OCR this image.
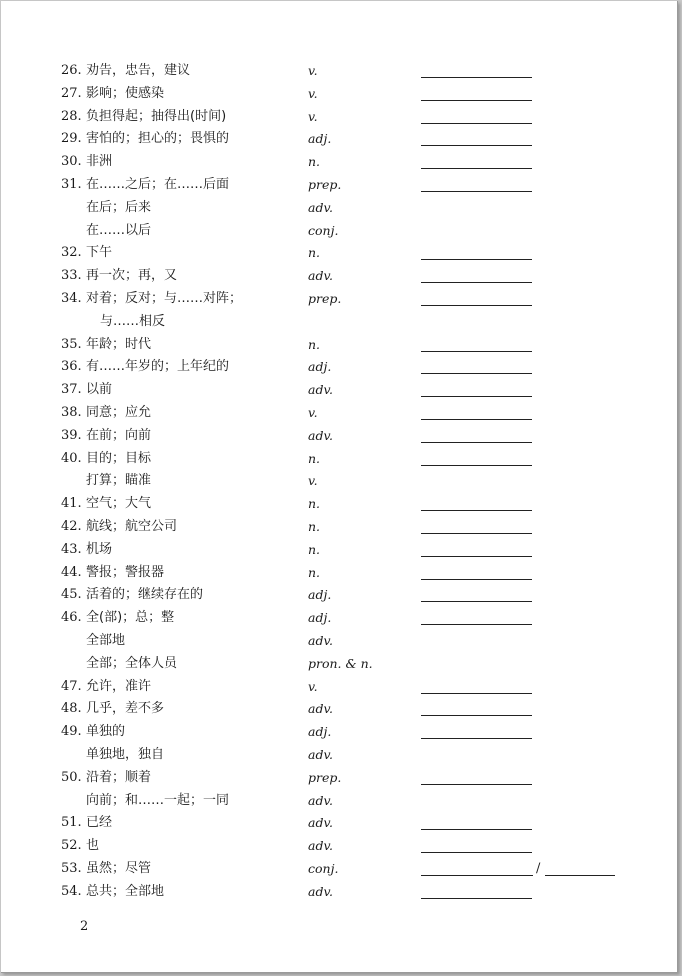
26. 劝告，忠告，建议	v.
27. 影响；使感染	v.
28. 负担得起；抽得出(时间)	v.
29. 害怕的；担心的；畏惧的	adj.
30. 非洲	n.
31. 在……之后；在……后面	prep.
在后；后来	adv.
在……以后	conj.
32. 下午	n.
33. 再一次；再，又	adv.
34. 对着；反对；与……对阵；	prep.
与……相反
35. 年龄；时代	n.
36. 有……年岁的；上年纪的	adj.
37. 以前	adv.
38. 同意；应允	v.
39. 在前；向前	adv.
40. 目的；目标	n.
打算；瞄准	v.
41. 空气；大气	n.
42. 航线；航空公司	n.
43. 机场	n.
44. 警报；警报器	n.
45. 活着的；继续存在的	adj.
46. 全(部)；总；整	adj.
全部地	adv.
全部；全体人员	pron. & n.
47. 允许，准许	v.
48. 几乎，差不多	adv.
49. 单独的	adj.
单独地，独自	adv.
50. 沿着；顺着	prep.
向前；和……一起；一同	adv.
51. 已经	adv.
52. 也	adv.
53. 虽然；尽管	conj.	/
54. 总共；全部地	adv.
2
